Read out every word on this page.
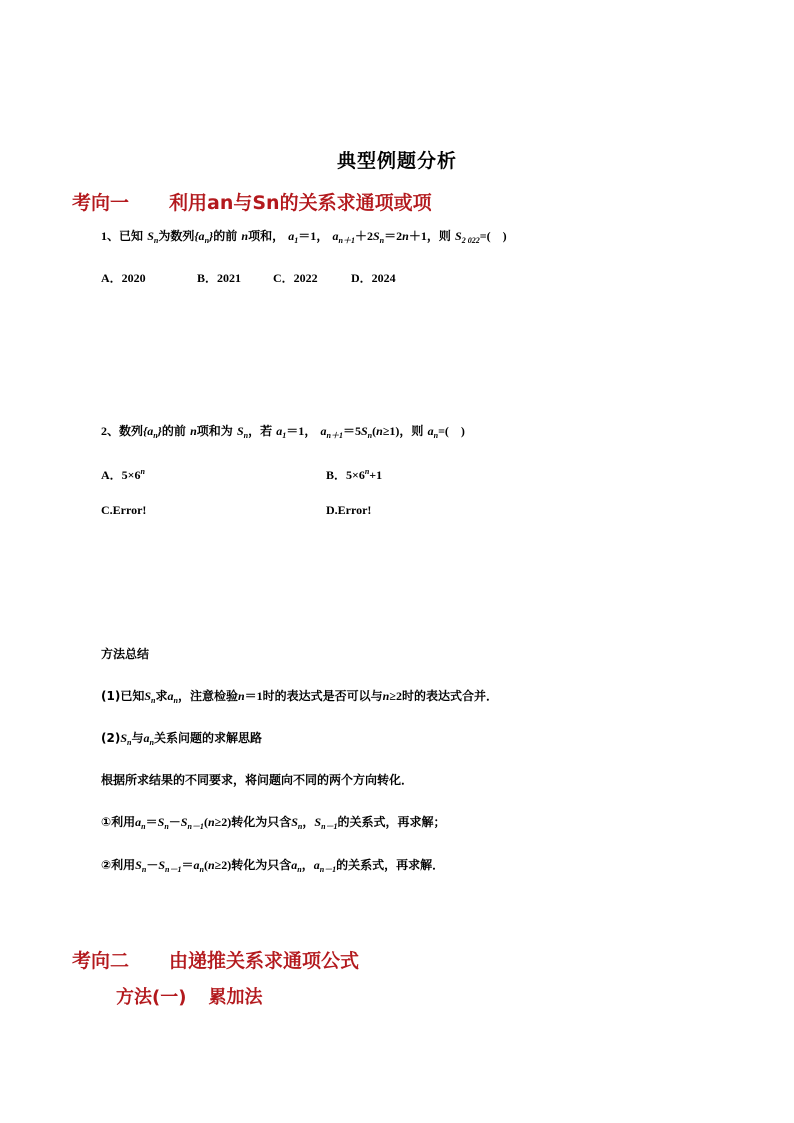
典型例题分析
考向一 利用an与Sn的关系求通项或项
1、已知 $S_n$为数列$\{a_n\}$的前 n项和， $a_1=1$， $a_{n+1}+2S_n=2n+1$，则 $S_{2 022}=$(　)
A．2020	B．2021	C．2022	D．2024
2、数列$\{a_n\}$的前 n项和为 $S_n$，若 $a_1=1$， $a_{n+1}=5S_n(n\ge 1)$，则 $a_n=$(　)
A．$5\times 6^n$	B．$5\times 6^n+1$
C.Error!	D.Error!
方法总结
(1)已知$S_n$求$a_n$，注意检验n＝1时的表达式是否可以与n≥2时的表达式合并．
$(2)S_n$与$a_n$关系问题的求解思路
根据所求结果的不同要求，将问题向不同的两个方向转化．
①利用$a_n=S_n-S_{n-1}(n\ge 2)$转化为只含$S_n$，$S_{n-1}$的关系式，再求解；
②利用$S_n-S_{n-1}=a_n(n\ge 2)$转化为只含$a_n$，$a_{n-1}$的关系式，再求解．
考向二 由递推关系求通项公式
方法(一) 累加法
